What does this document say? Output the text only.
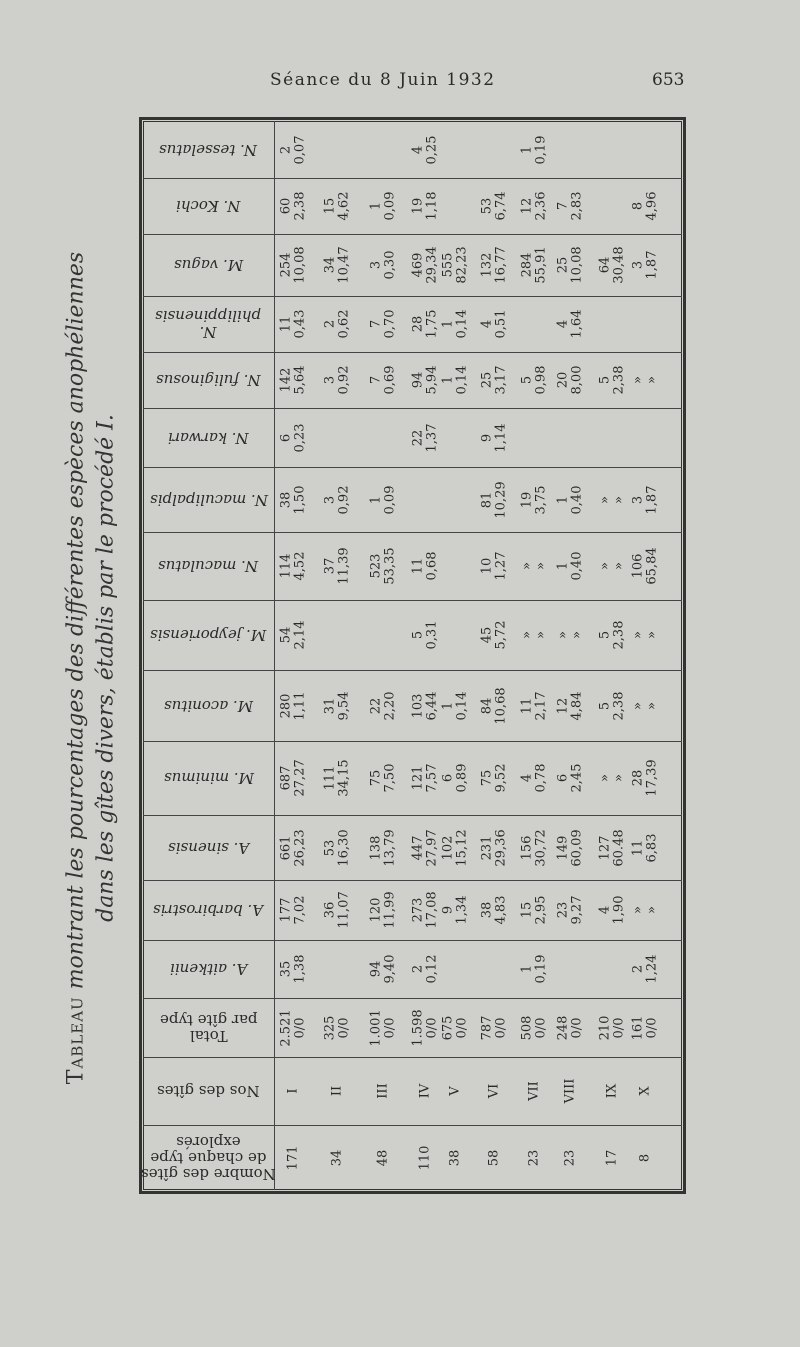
Séance du 8 Juin 1932	653
Tableau montrant les pourcentages des différentes espèces anophéliennes dans les gîtes divers, établis par le procédé I.
Nombre des gîtes
de chaque type
explorés
Nos des gîtes
Total
par gîte type
A. aitkenii
A. barbirostris
A. sinensis
M. minimus
M. aconitus
M. jeyporiensis
N. maculatus
N. maculipalpis
N. karwari
N. fuliginosus
N.
philippinensis
M. vagus
N. Kochi
N. tesselatus
171
I
2.521 0/0
35 1,38
177 7,02
661 26,23
687 27,27
280 1,11
54 2,14
114 4,52
38 1,50
6 0,23
142 5,64
11 0,43
254 10,08
60 2,38
2 0,07
34
II
325 0/0
36 11,07
53 16,30
111 34,15
31 9,54
37 11,39
3 0,92
3 0,92
2 0,62
34 10,47
15 4,62
48
III
1.001 0/0
94 9,40
120 11,99
138 13,79
75 7,50
22 2,20
523 53,35
1 0,09
7 0,69
7 0,70
3 0,30
1 0,09
110
IV
1.598 0/0
2 0,12
273 17,08
447 27,97
121 7,57
103 6,44
5 0,31
11 0,68
22 1,37
94 5,94
28 1,75
469 29,34
19 1,18
4 0,25
38
V
675 0/0
9 1,34
102 15,12
6 0,89
1 0,14
1 0,14
1 0,14
555 82,23
58
VI
787 0/0
38 4,83
231 29,36
75 9,52
84 10,68
45 5,72
10 1,27
81 10,29
9 1,14
25 3,17
4 0,51
132 16,77
53 6,74
23
VII
508 0/0
1 0,19
15 2,95
156 30,72
4 0,78
11 2,17
» »
» »
19 3,75
5 0,98
284 55,91
12 2,36
1 0,19
23
VIII
248 0/0
23 9,27
149 60,09
6 2,45
12 4,84
» »
1 0,40
1 0,40
20 8,00
4 1,64
25 10,08
7 2,83
17
IX
210 0/0
4 1,90
127 60.48
» »
5 2,38
5 2,38
» »
» »
5 2,38
64 30,48
8
X
161 0/0
2 1,24
» »
11 6,83
28 17,39
» »
» »
106 65,84
3 1,87
» »
3 1,87
8 4,96
